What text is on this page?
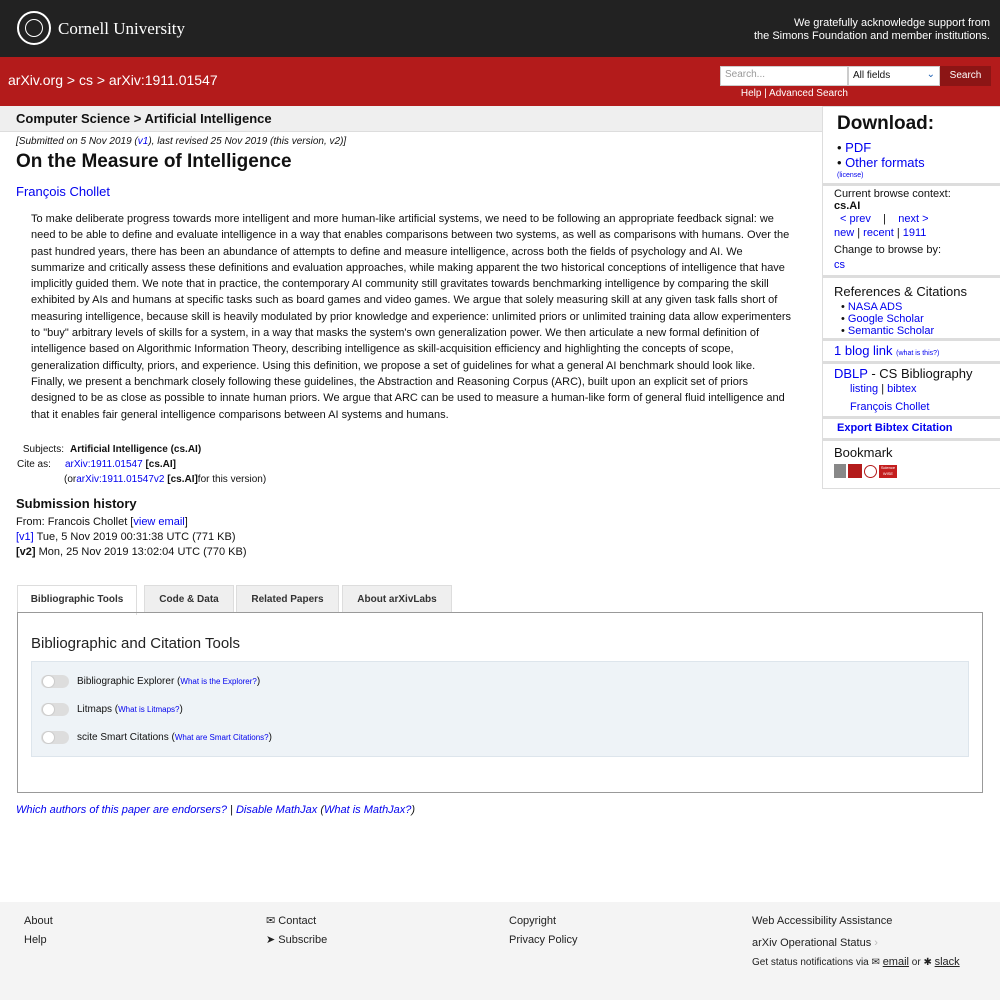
Cornell University	We gratefully acknowledge support from
the Simons Foundation and member institutions.
arXiv.org > cs > arXiv:1911.01547	Search...	All fields	⌄	Search
Help | Advanced Search
Computer Science > Artificial Intelligence
[Submitted on 5 Nov 2019 (v1), last revised 25 Nov 2019 (this version, v2)]
On the Measure of Intelligence
François Chollet
To make deliberate progress towards more intelligent and more human-like artificial systems, we need to be following an appropriate feedback signal: we need to be able to define and evaluate intelligence in a way that enables comparisons between two systems, as well as comparisons with humans. Over the past hundred years, there has been an abundance of attempts to define and measure intelligence, across both the fields of psychology and AI. We summarize and critically assess these definitions and evaluation approaches, while making apparent the two historical conceptions of intelligence that have implicitly guided them. We note that in practice, the contemporary AI community still gravitates towards benchmarking intelligence by comparing the skill exhibited by AIs and humans at specific tasks such as board games and video games. We argue that solely measuring skill at any given task falls short of measuring intelligence, because skill is heavily modulated by prior knowledge and experience: unlimited priors or unlimited training data allow experimenters to "buy" arbitrary levels of skills for a system, in a way that masks the system's own generalization power. We then articulate a new formal definition of intelligence based on Algorithmic Information Theory, describing intelligence as skill-acquisition efficiency and highlighting the concepts of scope, generalization difficulty, priors, and experience. Using this definition, we propose a set of guidelines for what a general AI benchmark should look like. Finally, we present a benchmark closely following these guidelines, the Abstraction and Reasoning Corpus (ARC), built upon an explicit set of priors designed to be as close as possible to innate human priors. We argue that ARC can be used to measure a human-like form of general fluid intelligence and that it enables fair general intelligence comparisons between AI systems and humans.
Subjects: Artificial Intelligence (cs.AI)
Cite as:	arXiv:1911.01547 [cs.AI]
(or arXiv:1911.01547v2
[cs.AI] for this version)
Submission history
From: Francois Chollet [view email]
[v1] Tue, 5 Nov 2019 00:31:38 UTC (771 KB)
[v2] Mon, 25 Nov 2019 13:02:04 UTC (770 KB)
Bibliographic Tools	Code & Data	Related Papers	About arXivLabs
Bibliographic and Citation Tools
Bibliographic Explorer ( What is the Explorer? )
Litmaps ( What is Litmaps? )
scite Smart Citations ( What are Smart Citations? )
Which authors of this paper are endorsers? | Disable MathJax (What is MathJax?)
Download:
• PDF
• Other formats
(license)
Current browse context:
cs.AI
< prev | next >
new | recent | 1911
Change to browse by:
cs
References & Citations
• NASA ADS
• Google Scholar
• Semantic Scholar
1 blog link (what is this?)
DBLP - CS Bibliography
listing | bibtex
François Chollet
Export Bibtex Citation
Bookmark
Science WISE
About
Help
✉ Contact
➤ Subscribe
Copyright
Privacy Policy
Web Accessibility Assistance
arXiv Operational Status ›
Get status notifications via ✉ email or ✱ slack
